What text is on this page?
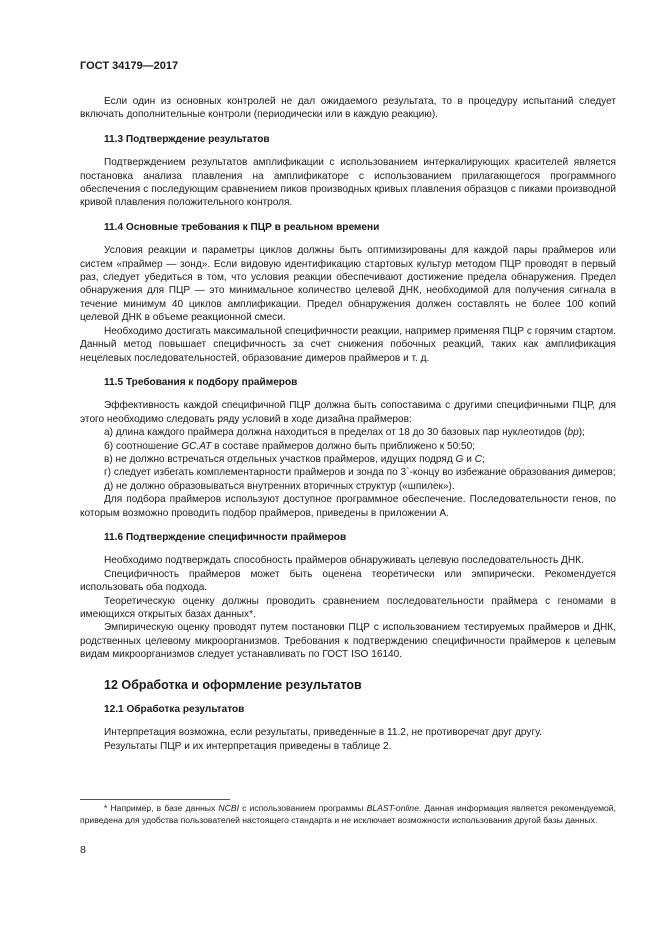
ГОСТ 34179—2017

Если один из основных контролей не дал ожидаемого результата, то в процедуру испытаний следует включать дополнительные контроли (периодически или в каждую реакцию).

11.3 Подтверждение результатов

Подтверждением результатов амплификации с использованием интеркалирующих красителей является постановка анализа плавления на амплификаторе с использованием прилагающегося программного обеспечения с последующим сравнением пиков производных кривых плавления образцов с пиками производной кривой плавления положительного контроля.

11.4 Основные требования к ПЦР в реальном времени

Условия реакции и параметры циклов должны быть оптимизированы для каждой пары праймеров или систем «праймер — зонд». Если видовую идентификацию стартовых культур методом ПЦР проводят в первый раз, следует убедиться в том, что условия реакции обеспечивают достижение предела обнаружения. Предел обнаружения для ПЦР — это минимальное количество целевой ДНК, необходимой для получения сигнала в течение минимум 40 циклов амплификации. Предел обнаружения должен составлять не более 100 копий целевой ДНК в объеме реакционной смеси.

Необходимо достигать максимальной специфичности реакции, например применяя ПЦР с горячим стартом. Данный метод повышает специфичность за счет снижения побочных реакций, таких как амплификация нецелевых последовательностей, образование димеров праймеров и т. д.

11.5 Требования к подбору праймеров

Эффективность каждой специфичной ПЦР должна быть сопоставима с другими специфичными ПЦР, для этого необходимо следовать ряду условий в ходе дизайна праймеров:

а) длина каждого праймера должна находиться в пределах от 18 до 30 базовых пар нуклеотидов (bp);

б) соотношение GC.AT в составе праймеров должно быть приближено к 50:50;

в) не должно встречаться отдельных участков праймеров, идущих подряд G и C;

г) следует избегать комплементарности праймеров и зонда по 3`-концу во избежание образования димеров;

д) не должно образовываться внутренних вторичных структур («шпилек»).

Для подбора праймеров используют доступное программное обеспечение. Последовательности генов, по которым возможно проводить подбор праймеров, приведены в приложении А.

11.6 Подтверждение специфичности праймеров

Необходимо подтверждать способность праймеров обнаруживать целевую последовательность ДНК.

Специфичность праймеров может быть оценена теоретически или эмпирически. Рекомендуется использовать оба подхода.

Теоретическую оценку должны проводить сравнением последовательности праймера с геномами в имеющихся открытых базах данных*.

Эмпирическую оценку проводят путем постановки ПЦР с использованием тестируемых праймеров и ДНК, родственных целевому микроорганизмов. Требования к подтверждению специфичности праймеров к целевым видам микроорганизмов следует устанавливать по ГОСТ ISO 16140.

12 Обработка и оформление результатов
12.1 Обработка результатов

Интерпретация возможна, если результаты, приведенные в 11.2, не противоречат друг другу.

Результаты ПЦР и их интерпретация приведены в таблице 2.

* Например, в базе данных NCBI с использованием программы BLAST-online. Данная информация является рекомендуемой, приведена для удобства пользователей настоящего стандарта и не исключает возможности использования другой базы данных.

8
